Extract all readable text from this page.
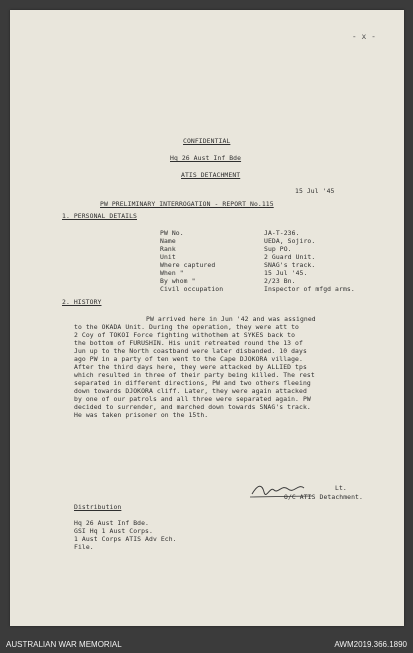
- x -
CONFIDENTIAL
Hq 26 Aust Inf Bde
ATIS DETACHMENT
15 Jul '45
PW PRELIMINARY INTERROGATION - REPORT No.115
1. PERSONAL DETAILS
PW No.	JA-T-236.
Name	UEDA, Sojiro.
Rank	Sup PO.
Unit	2 Guard Unit.
Where captured	SNAG's track.
When "	15 Jul '45.
By whom "	2/23 Bn.
Civil occupation	Inspector of mfgd arms.
2. HISTORY
PW arrived here in Jun '42 and was assigned
to the OKADA Unit. During the operation, they were att to
2 Coy of TOKOI Force fighting withothem at SYKES back to
the bottom of FURUSHIN. His unit retreated round the 13 of
Jun up to the North coastband were later disbanded. 10 days
ago PW in a party of ten went to the Cape DJOKORA village.
After the third days here, they were attacked by ALLIED tps
which resulted in three of their party being killed. The rest
separated in different directions, PW and two others fleeing
down towards DJOKORA cliff. Later, they were again attacked
by one of our patrols and all three were separated again. PW
decided to surrender, and marched down towards SNAG's track.
He was taken prisoner on the 15th.
Lt.
O/C ATIS Detachment.
Distribution
Hq 26 Aust Inf Bde.
GSI Hq 1 Aust Corps.
1 Aust Corps ATIS Adv Ech.
File.
AUSTRALIAN WAR MEMORIAL	AWM2019.366.1890
